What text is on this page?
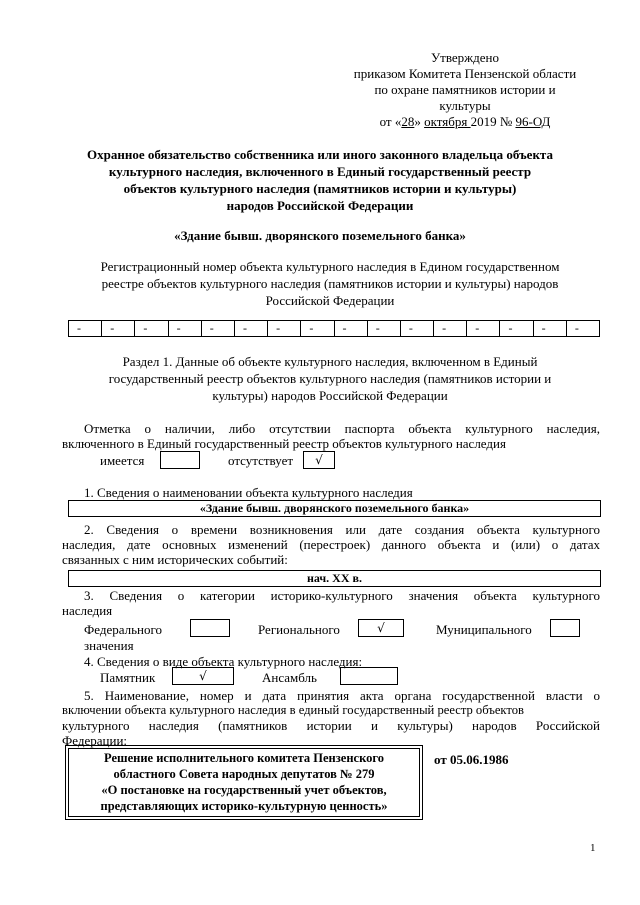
Утверждено
приказом Комитета Пензенской области
по охране памятников истории и
культуры
от «28» октября 2019 № 96-ОД
Охранное обязательство собственника или иного законного владельца объекта
культурного наследия, включенного в Единый государственный реестр
объектов культурного наследия (памятников истории и культуры)
народов Российской Федерации
«Здание бывш. дворянского поземельного банка»
Регистрационный номер объекта культурного наследия в Едином государственном
реестре объектов культурного наследия (памятников истории и культуры) народов
Российской Федерации
-	-	-	-	-	-	-	-	-	-	-	-	-	-	-	-
Раздел 1. Данные об объекте культурного наследия, включенном в Единый
государственный реестр объектов культурного наследия (памятников истории и
культуры) народов Российской Федерации
Отметка о наличии, либо отсутствии паспорта объекта культурного наследия,
включенного в Единый государственный реестр объектов культурного наследия
имеется	отсутствует	√
1. Сведения о наименовании объекта культурного наследия
«Здание бывш. дворянского поземельного банка»
2. Сведения о времени возникновения или дате создания объекта культурного
наследия, дате основных изменений (перестроек) данного объекта и (или) о датах
связанных с ним исторических событий:
нач. XX в.
3. Сведения о категории историко-культурного значения объекта культурного
наследия
Федерального	Регионального	√	Муниципального
значения
4. Сведения о виде объекта культурного наследия:
Памятник	√	Ансамбль
5. Наименование, номер и дата принятия акта органа государственной власти о
включении объекта культурного наследия в единый государственный реестр объектов
культурного наследия (памятников истории и культуры) народов Российской
Федерации:
Решение исполнительного комитета Пензенского
областного Совета народных депутатов № 279
«О постановке на государственный учет объектов,
представляющих историко-культурную ценность»
от 05.06.1986
1
